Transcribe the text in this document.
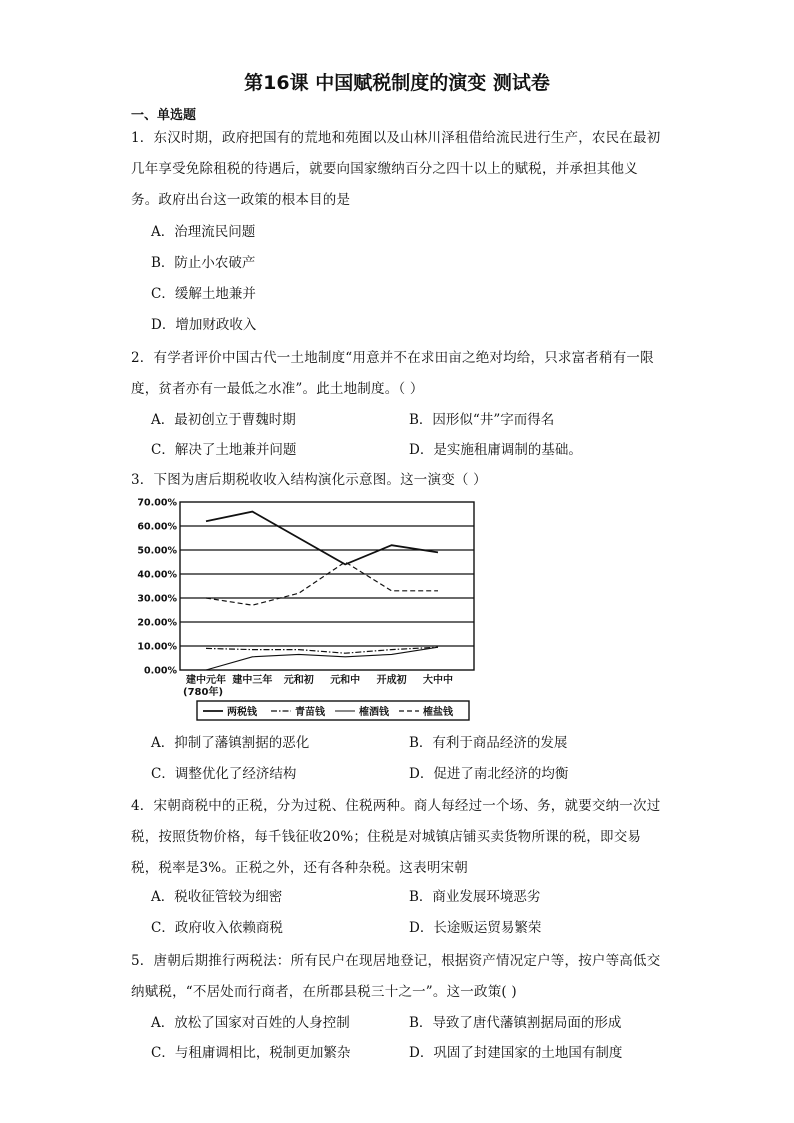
第16课 中国赋税制度的演变 测试卷
一、单选题
1．东汉时期，政府把国有的荒地和苑囿以及山林川泽租借给流民进行生产，农民在最初几年享受免除租税的待遇后，就要向国家缴纳百分之四十以上的赋税，并承担其他义务。政府出台这一政策的根本目的是
A．治理流民问题
B．防止小农破产
C．缓解土地兼并
D．增加财政收入
2．有学者评价中国古代一土地制度“用意并不在求田亩之绝对均给，只求富者稍有一限度，贫者亦有一最低之水准”。此土地制度。（ ）
A．最初创立于曹魏时期	B．因形似“井”字而得名
C．解决了土地兼并问题	D．是实施租庸调制的基础。
3．下图为唐后期税收收入结构演化示意图。这一演变（ ）
70.00%
60.00%
50.00%
40.00%
30.00%
20.00%
10.00%
0.00%
建中元年 建中三年 元和初 元和中 开成初 大中中
(780年)
两税钱	青苗钱	榷酒钱	榷盐钱
A．抑制了藩镇割据的恶化	B．有利于商品经济的发展
C．调整优化了经济结构	D．促进了南北经济的均衡
4．宋朝商税中的正税，分为过税、住税两种。商人每经过一个场、务，就要交纳一次过税，按照货物价格，每千钱征收20%；住税是对城镇店铺买卖货物所课的税，即交易税，税率是3%。正税之外，还有各种杂税。这表明宋朝
A．税收征管较为细密	B．商业发展环境恶劣
C．政府收入依赖商税	D．长途贩运贸易繁荣
5．唐朝后期推行两税法：所有民户在现居地登记，根据资产情况定户等，按户等高低交纳赋税，“不居处而行商者，在所郡县税三十之一”。这一政策( )
A．放松了国家对百姓的人身控制	B．导致了唐代藩镇割据局面的形成
C．与租庸调相比，税制更加繁杂	D．巩固了封建国家的土地国有制度
